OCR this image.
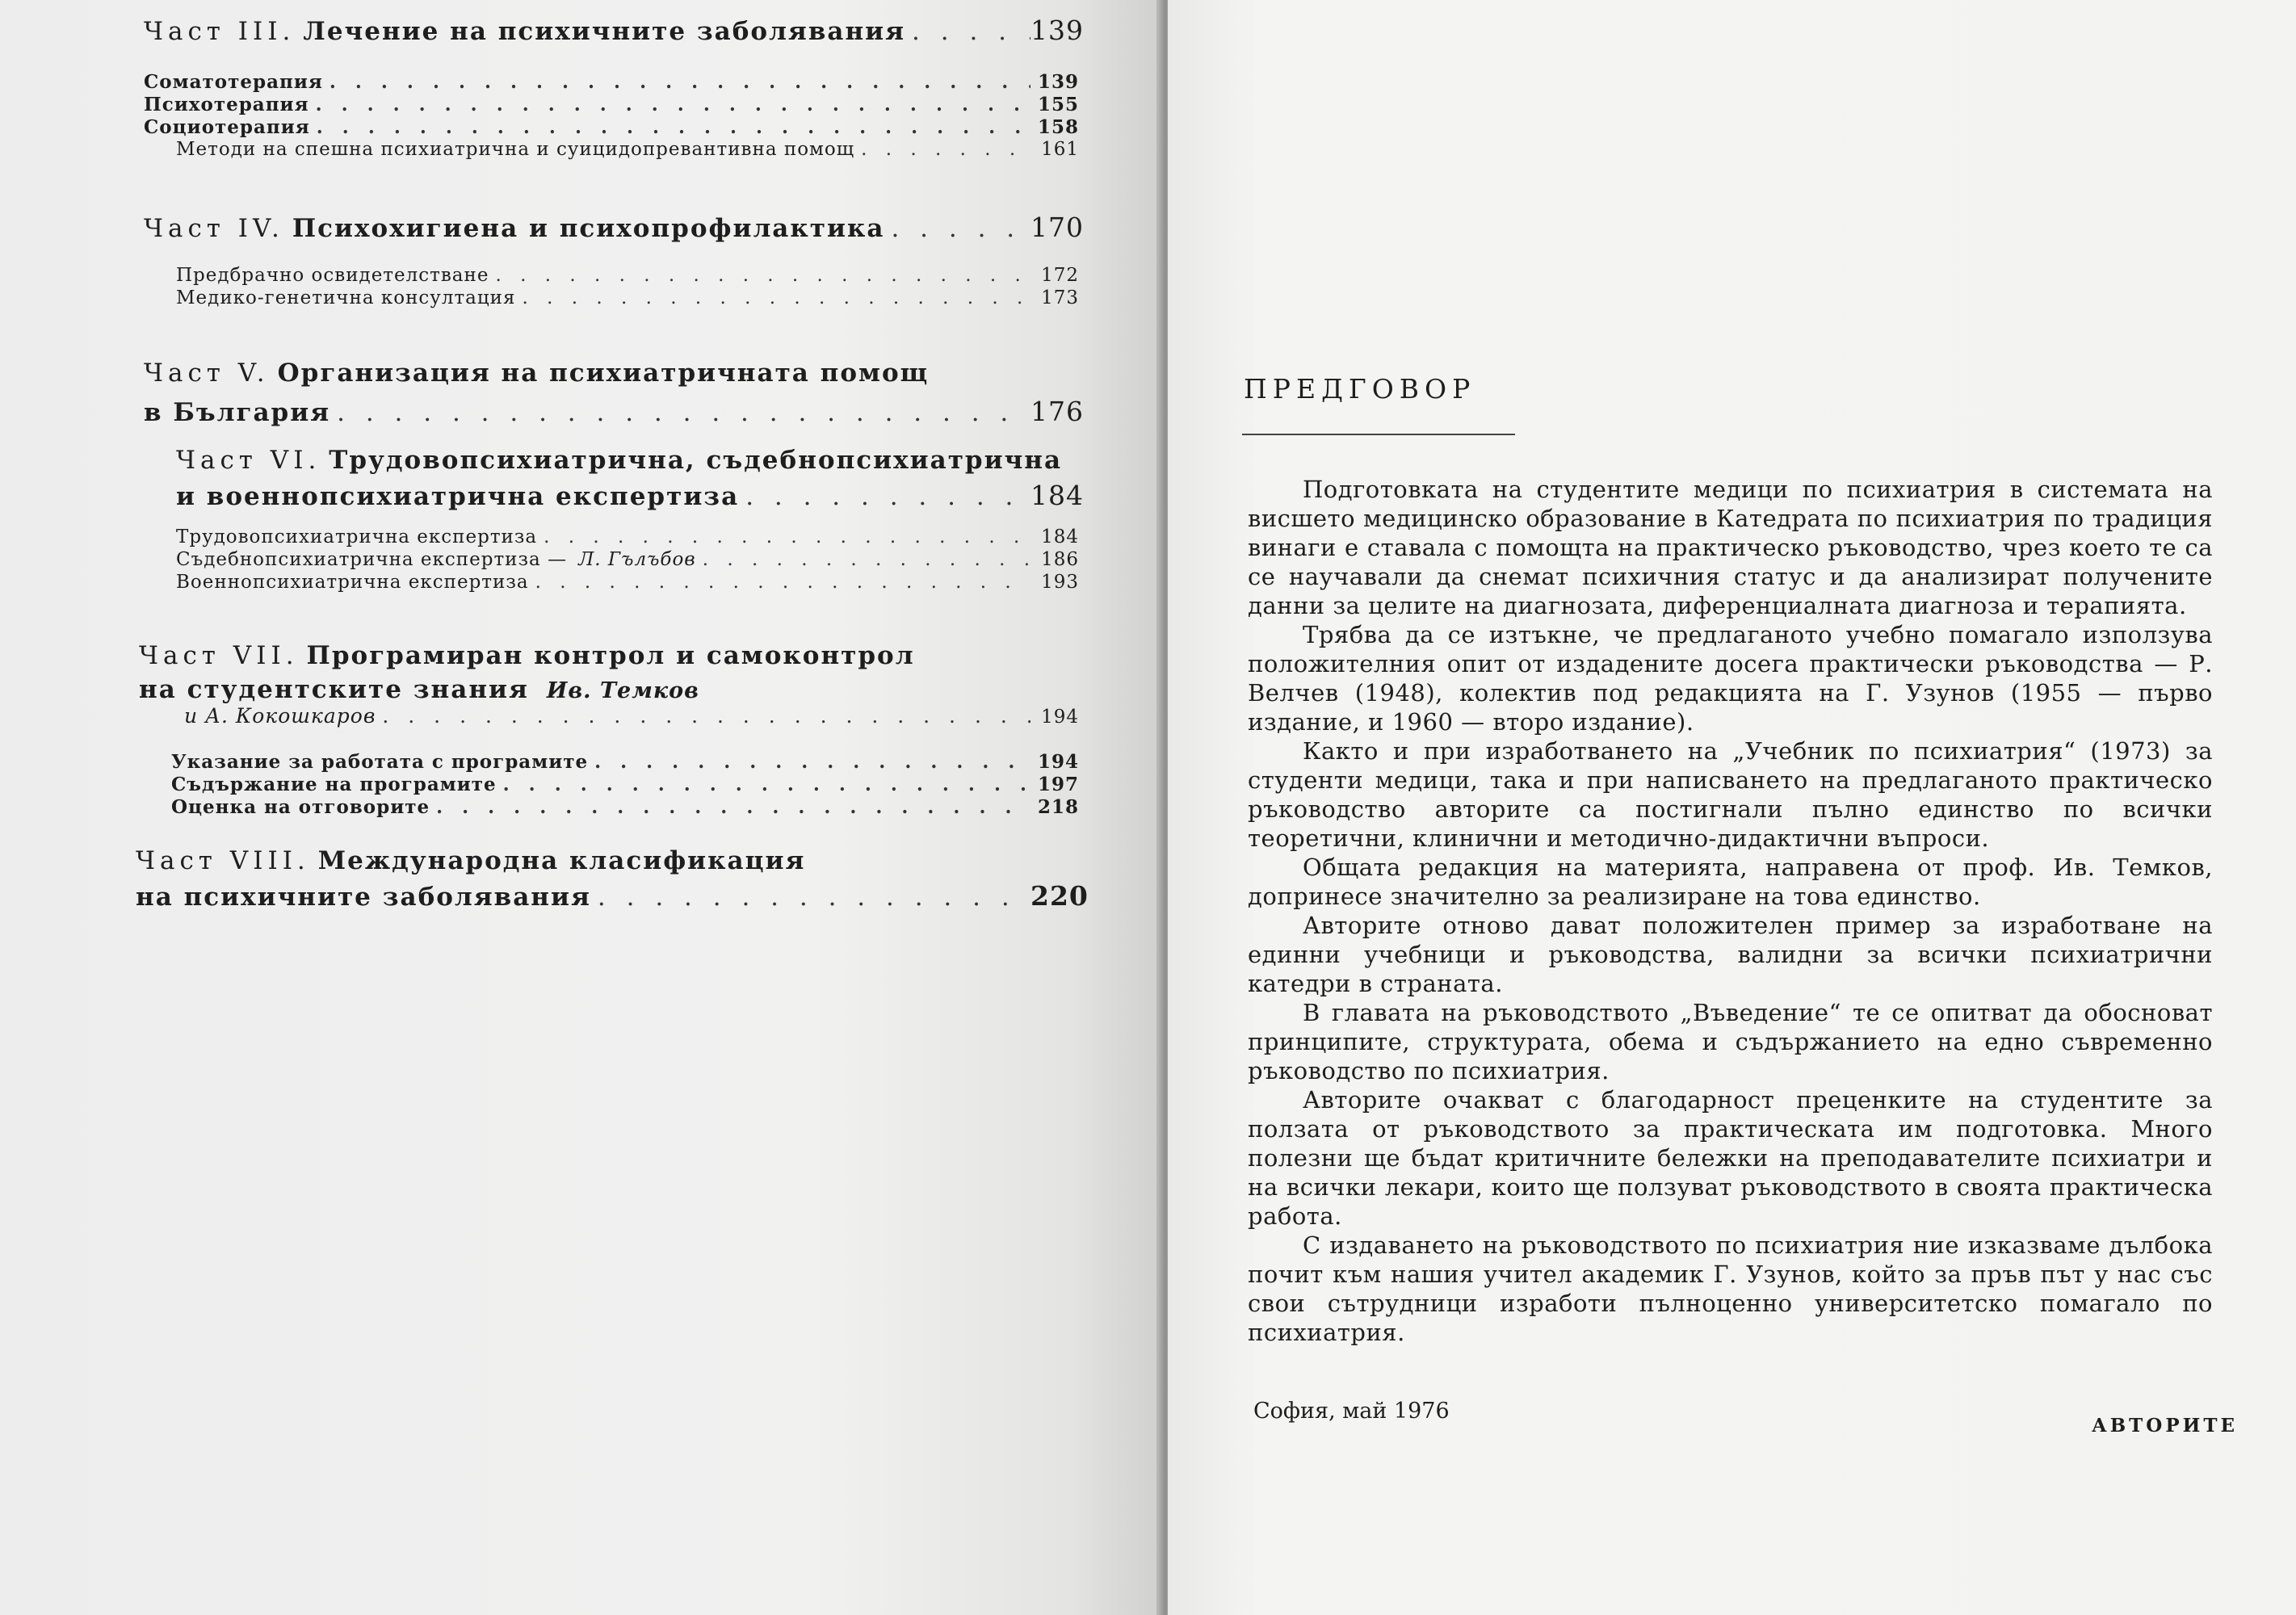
Част III. Лечение на психичните заболявания . . .	139
Соматотерапия . . .	139
Психотерапия . . .	155
Социотерапия . . .	158
Методи на спешна психиатрична и суицидопревантивна помощ . . .	161
Част IV. Психохигиена и психопрофилактика . . .	170
Предбрачно освидетелстване . . .	172
Медико-генетична консултация . . .	173
Част V. Организация на психиатричната помощ
в България . . .	176
Част VI. Трудовопсихиатрична, съдебнопсихиатрична
и военнопсихиатрична експертиза . . .	184
Трудовопсихиатрична експертиза . . .	184
Съдебнопсихиатрична експертиза — Л. Гълъбов . . .	186
Военнопсихиатрична експертиза . . .	193
Част VII. Програмиран контрол и самоконтрол
на студентските знания Ив. Темков
и А. Кокошкаров . . .	194
Указание за работата с програмите . . .	194
Съдържание на програмите . . .	197
Оценка на отговорите . . .	218
Част VIII. Международна класификация
на психичните заболявания . . .	220
ПРЕДГОВОР

Подготовката на студентите медици по психиатрия в системата на висшето медицинско образование в Катедрата по психиатрия по традиция винаги е ставала с помощта на практическо ръководство, чрез което те са се научавали да снемат психичния статус и да анализират получените данни за целите на диагнозата, диференциалната диагноза и терапията.

Трябва да се изтъкне, че предлаганото учебно помагало използува положителния опит от издадените досега практически ръководства — Р. Велчев (1948), колектив под редакцията на Г. Узунов (1955 — първо издание, и 1960 — второ издание).

Както и при изработването на „Учебник по психиатрия“ (1973) за студенти медици, така и при написването на предлаганото практическо ръководство авторите са постигнали пълно единство по всички теоретични, клинични и методично-дидактични въпроси.

Общата редакция на материята, направена от проф. Ив. Темков, допринесе значително за реализиране на това единство.

Авторите отново дават положителен пример за изработване на единни учебници и ръководства, валидни за всички психиатрични катедри в страната.

В главата на ръководството „Въведение“ те се опитват да обосноват принципите, структурата, обема и съдържанието на едно съвременно ръководство по психиатрия.

Авторите очакват с благодарност преценките на студентите за ползата от ръководството за практическата им подготовка. Много полезни ще бъдат критичните бележки на преподавателите психиатри и на всички лекари, които ще ползуват ръководството в своята практическа работа.

С издаването на ръководството по психиатрия ние изказваме дълбока почит към нашия учител академик Г. Узунов, който за пръв път у нас със свои сътрудници изработи пълноценно университетско помагало по психиатрия.

София, май 1976
АВТОРИТЕ
